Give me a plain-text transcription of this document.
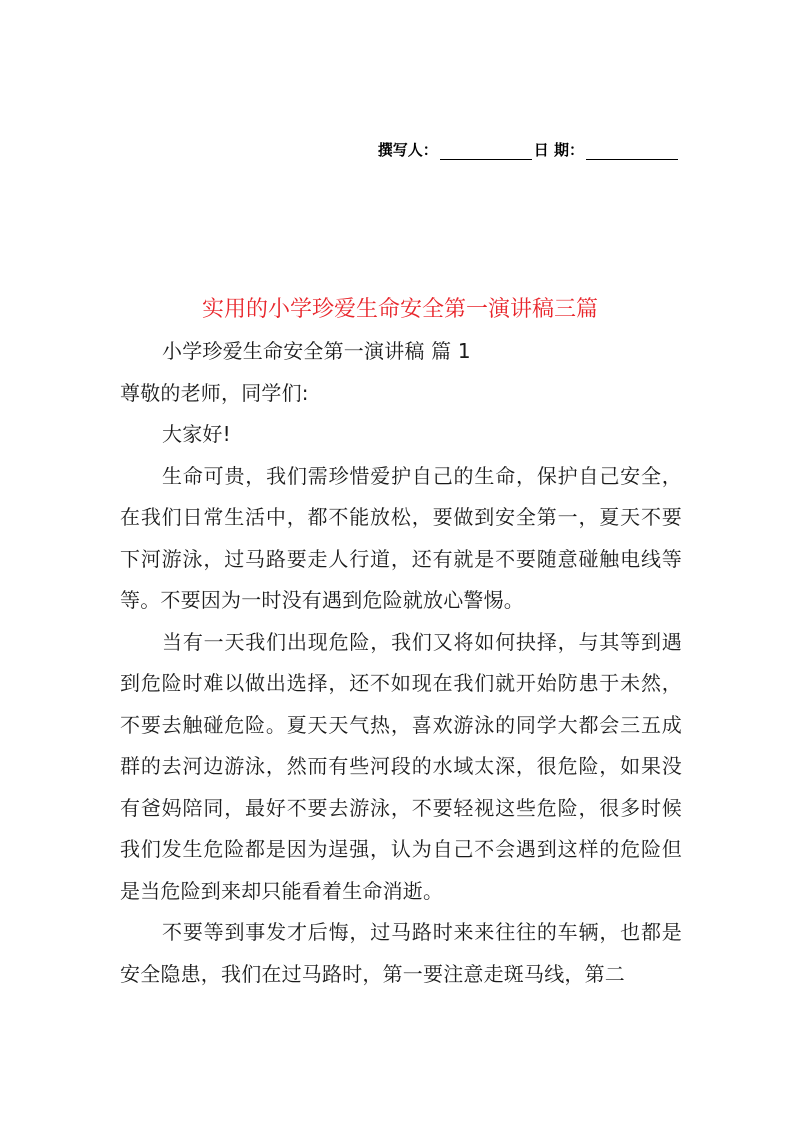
撰写人：	日 期：
实用的小学珍爱生命安全第一演讲稿三篇

小学珍爱生命安全第一演讲稿 篇 1

尊敬的老师，同学们:

大家好!

生命可贵，我们需珍惜爱护自己的生命，保护自己安全，在我们日常生活中，都不能放松，要做到安全第一，夏天不要下河游泳，过马路要走人行道，还有就是不要随意碰触电线等等。不要因为一时没有遇到危险就放心警惕。

当有一天我们出现危险，我们又将如何抉择，与其等到遇到危险时难以做出选择，还不如现在我们就开始防患于未然，不要去触碰危险。夏天天气热，喜欢游泳的同学大都会三五成群的去河边游泳，然而有些河段的水域太深，很危险，如果没有爸妈陪同，最好不要去游泳，不要轻视这些危险，很多时候我们发生危险都是因为逞强，认为自己不会遇到这样的危险但是当危险到来却只能看着生命消逝。

不要等到事发才后悔，过马路时来来往往的车辆，也都是安全隐患，我们在过马路时，第一要注意走斑马线，第二
